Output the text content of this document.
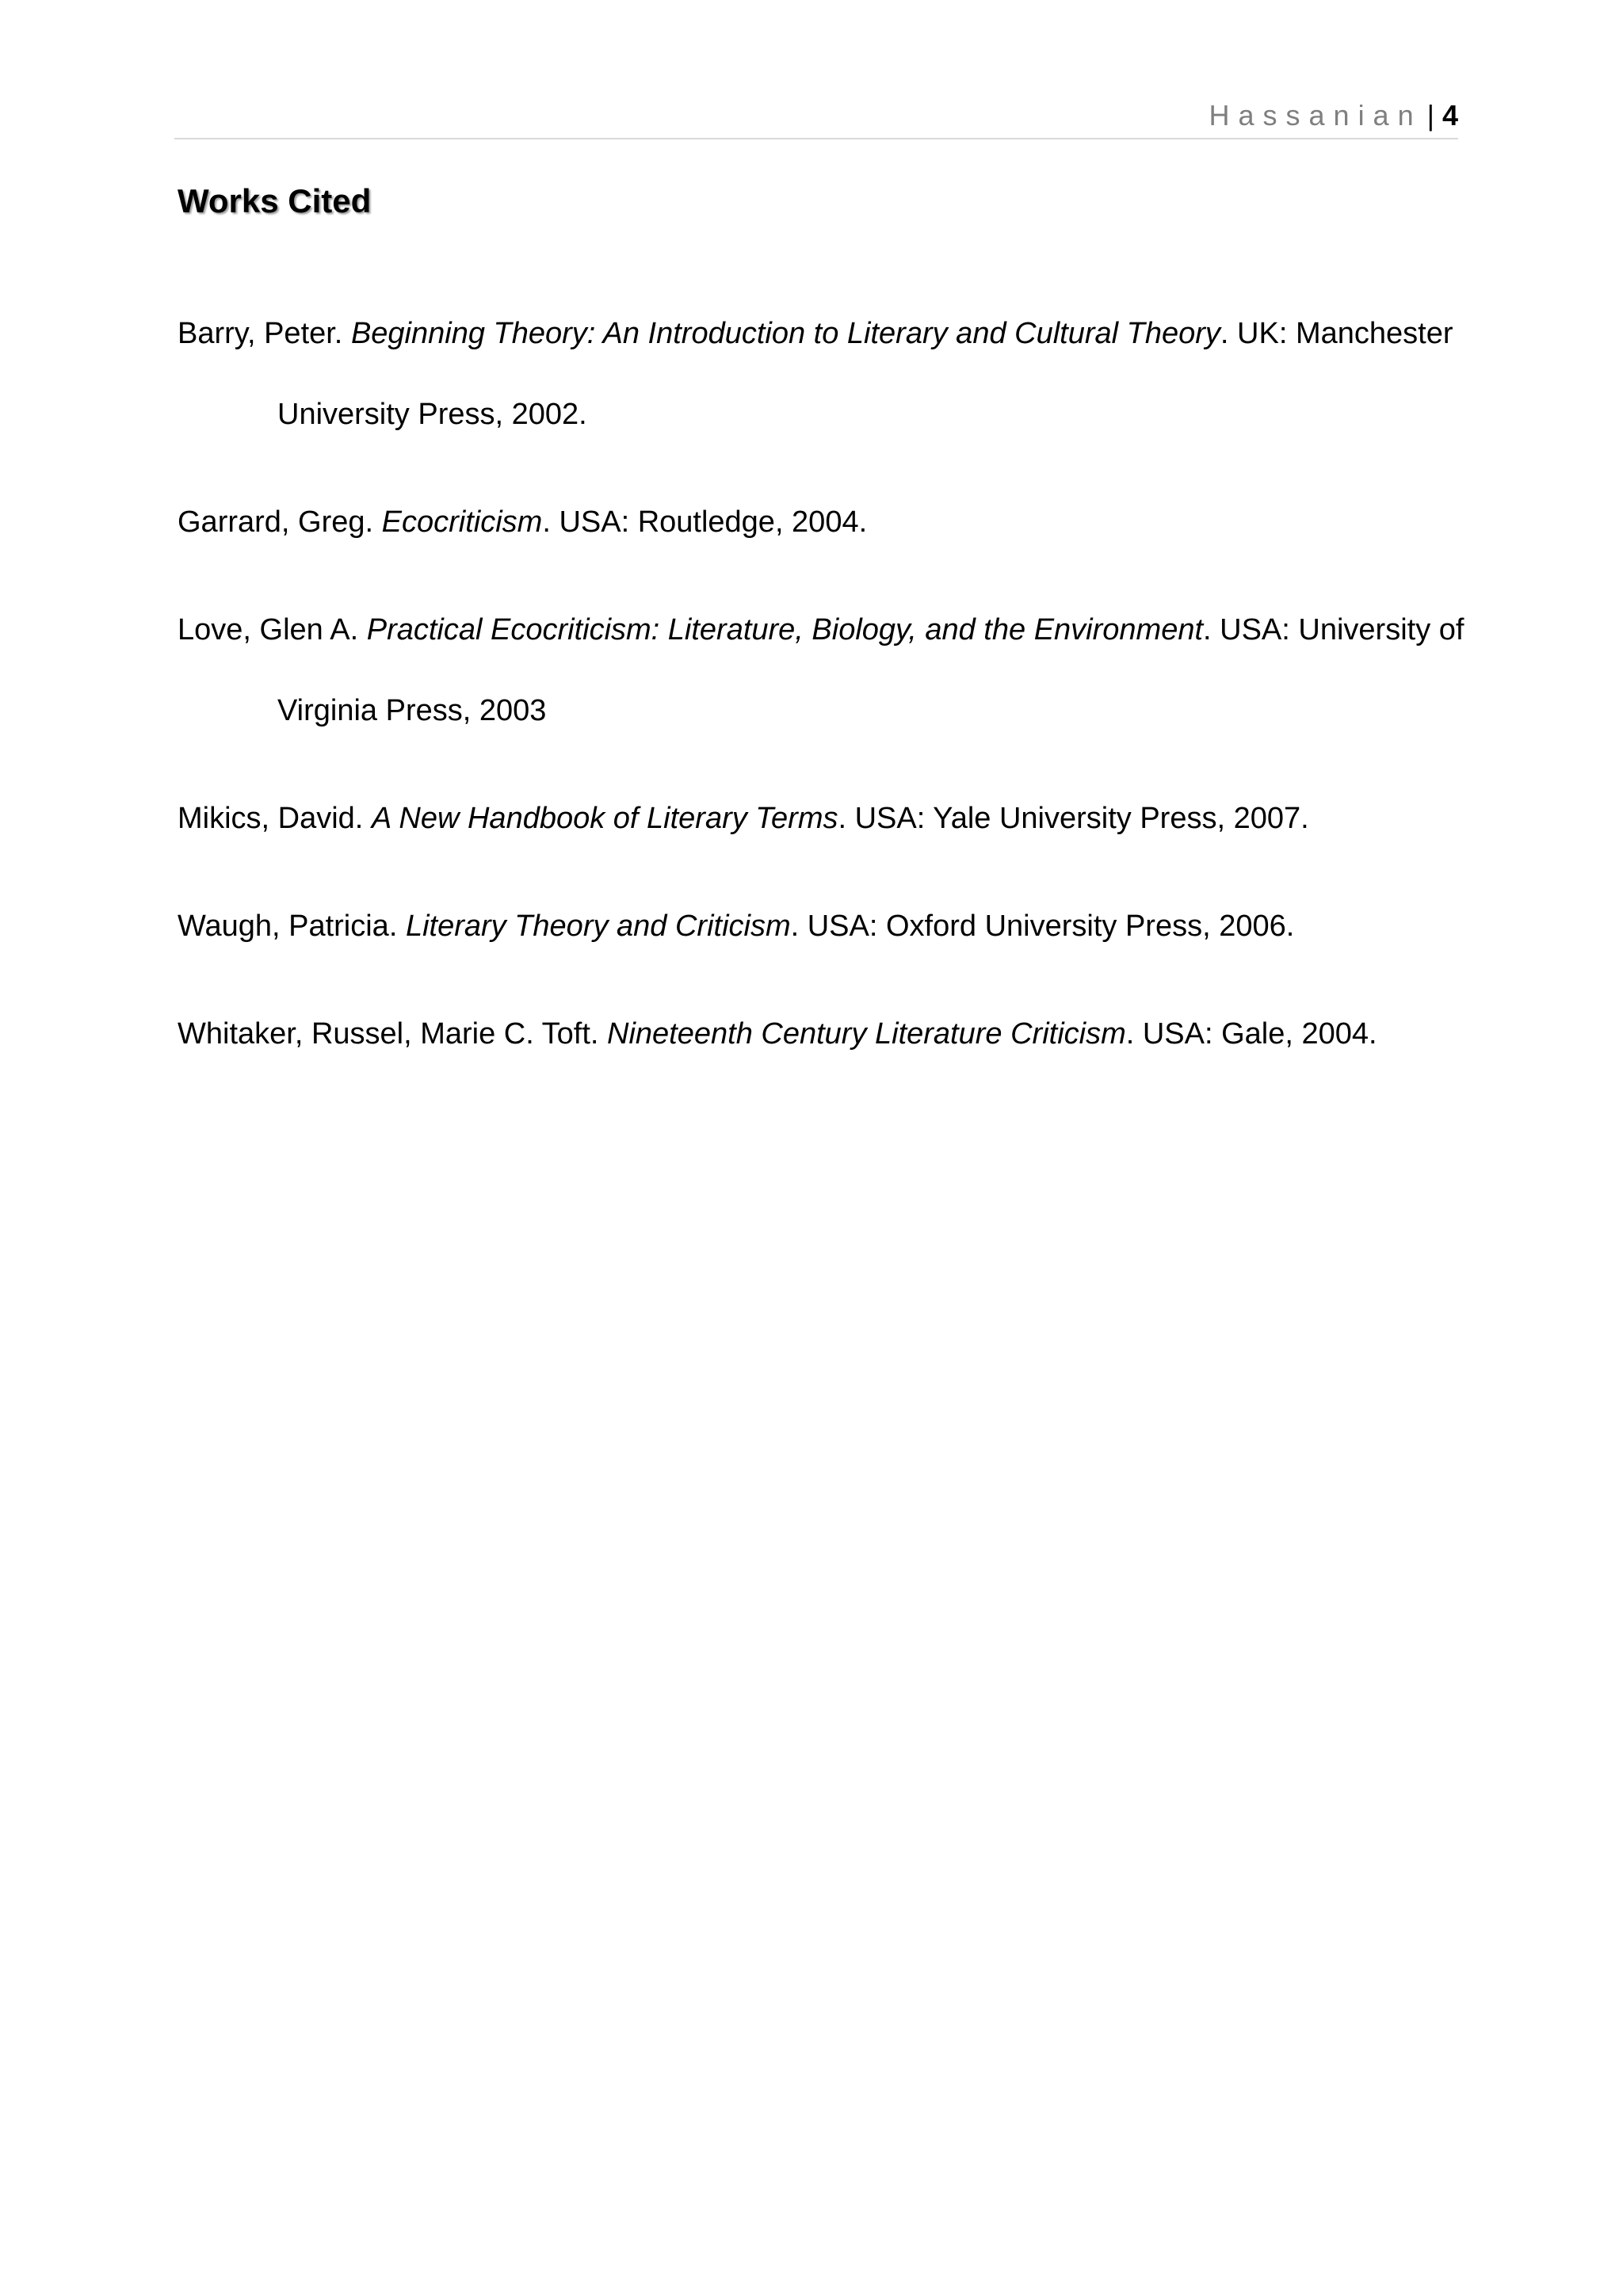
Hassanian | 4
Works Cited
Barry, Peter. Beginning Theory: An Introduction to Literary and Cultural Theory. UK: Manchester University Press, 2002.
Garrard, Greg. Ecocriticism. USA: Routledge, 2004.
Love, Glen A. Practical Ecocriticism: Literature, Biology, and the Environment. USA: University of Virginia Press, 2003
Mikics, David. A New Handbook of Literary Terms. USA: Yale University Press, 2007.
Waugh, Patricia. Literary Theory and Criticism. USA: Oxford University Press, 2006.
Whitaker, Russel, Marie C. Toft. Nineteenth Century Literature Criticism. USA: Gale, 2004.
